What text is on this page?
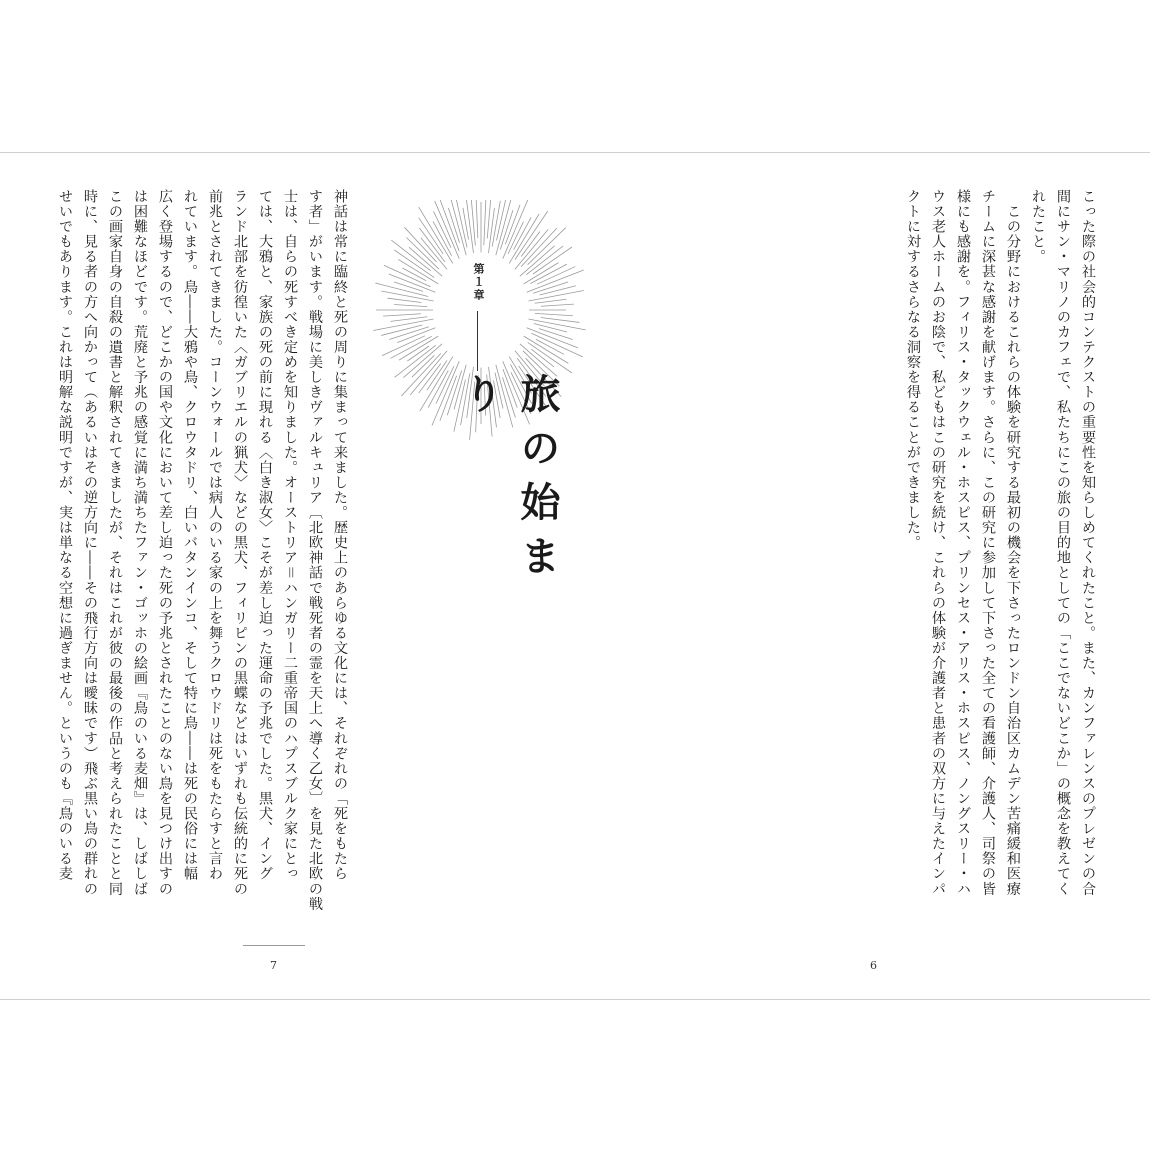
神話は常に臨終と死の周りに集まって来ました。歴史上のあらゆる文化には、それぞれの「死をもたら
す者」がいます。戦場に美しきヴァルキュリア〔北欧神話で戦死者の霊を天上へ導く乙女〕を見た北欧の戦
士は、自らの死すべき定めを知りました。オーストリア＝ハンガリー二重帝国のハプスブルク家にとっ
ては、大鴉と、家族の死の前に現れる〈白き淑女〉こそが差し迫った運命の予兆でした。黒犬、イング
ランド北部を彷徨いた〈ガブリエルの猟犬〉などの黒犬、フィリピンの黒蝶などはいずれも伝統的に死の
前兆とされてきました。コーンウォールでは病人のいる家の上を舞うクロウドリは死をもたらすと言わ
れています。鳥――大鴉や鳥、クロウタドリ、白いバタンインコ、そして特に鳥――は死の民俗には幅
広く登場するので、どこかの国や文化において差し迫った死の予兆とされたことのない鳥を見つけ出すの
は困難なほどです。荒廃と予兆の感覚に満ち満ちたファン・ゴッホの絵画『鳥のいる麦畑』は、しばしば
この画家自身の自殺の遺書と解釈されてきましたが、それはこれが彼の最後の作品と考えられたことと同
時に、見る者の方へ向かって（あるいはその逆方向に――その飛行方向は曖昧です）飛ぶ黒い鳥の群れの
せいでもあります。これは明解な説明ですが、実は単なる空想に過ぎません。というのも『鳥のいる麦	第１章
旅の始まり	こった際の社会的コンテクストの重要性を知らしめてくれたこと。また、カンファレンスのプレゼンの合
間にサン・マリノのカフェで、私たちにこの旅の目的地としての「ここでないどこか」の概念を教えてく
れたこと。
　この分野におけるこれらの体験を研究する最初の機会を下さったロンドン自治区カムデン苦痛緩和医療
チームに深甚な感謝を献げます。さらに、この研究に参加して下さった全ての看護師、介護人、司祭の皆
様にも感謝を。フィリス・タックウェル・ホスピス、プリンセス・アリス・ホスピス、ノングスリー・ハ
ウス老人ホームのお陰で、私どもはこの研究を続け、これらの体験が介護者と患者の双方に与えたインパ
クトに対するさらなる洞察を得ることができました。
7	6
